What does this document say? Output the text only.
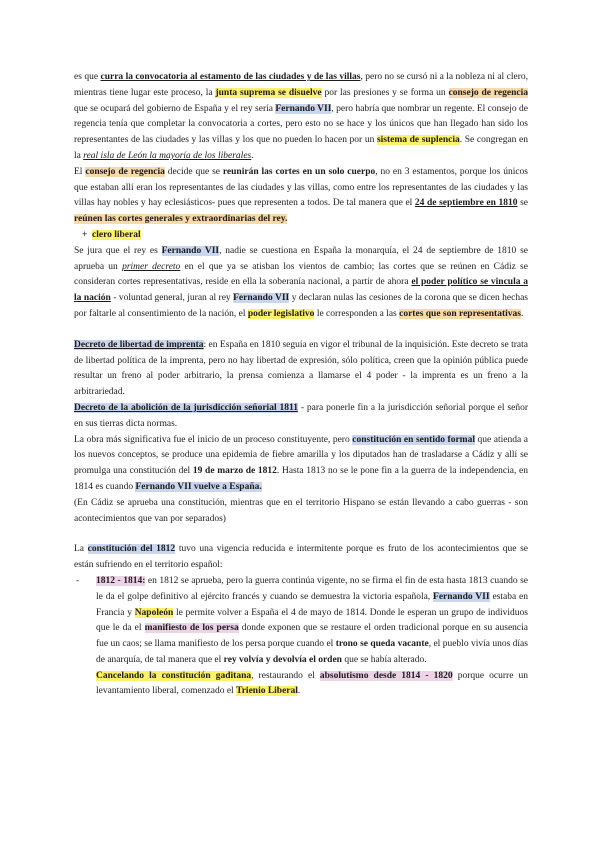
es que curra la convocatoria al estamento de las ciudades y de las villas, pero no se cursó ni a la nobleza ni al clero, mientras tiene lugar este proceso, la junta suprema se disuelve por las presiones y se forma un consejo de regencia que se ocupará del gobierno de España y el rey sería Fernando VII, pero habría que nombrar un regente. El consejo de regencia tenía que completar la convocatoria a cortes, pero esto no se hace y los únicos que han llegado han sido los representantes de las ciudades y las villas y los que no pueden lo hacen por un sistema de suplencia. Se congregan en la real isla de León la mayoría de los liberales.

El consejo de regencia decide que se reunirán las cortes en un solo cuerpo, no en 3 estamentos, porque los únicos que estaban allí eran los representantes de las ciudades y las villas, como entre los representantes de las ciudades y las villas hay nobles y hay eclesiásticos- pues que representen a todos. De tal manera que el 24 de septiembre en 1810 se reúnen las cortes generales y extraordinarias del rey.

+ clero liberal

Se jura que el rey es Fernando VII, nadie se cuestiona en España la monarquía, el 24 de septiembre de 1810 se aprueba un primer decreto en el que ya se atisban los vientos de cambio; las cortes que se reúnen en Cádiz se consideran cortes representativas, reside en ella la soberanía nacional, a partir de ahora el poder político se vincula a la nación - voluntad general, juran al rey Fernando VII y declaran nulas las cesiones de la corona que se dicen hechas por faltarle al consentimiento de la nación, el poder legislativo le corresponden a las cortes que son representativas.

Decreto de libertad de imprenta: en España en 1810 seguía en vigor el tribunal de la inquisición. Este decreto se trata de libertad política de la imprenta, pero no hay libertad de expresión, sólo política, creen que la opinión pública puede resultar un freno al poder arbitrario, la prensa comienza a llamarse el 4 poder - la imprenta es un freno a la arbitrariedad.

Decreto de la abolición de la jurisdicción señorial 1811 - para ponerle fin a la jurisdicción señorial porque el señor en sus tierras dicta normas.

La obra más significativa fue el inicio de un proceso constituyente, pero constitución en sentido formal que atienda a los nuevos conceptos, se produce una epidemia de fiebre amarilla y los diputados han de trasladarse a Cádiz y allí se promulga una constitución del 19 de marzo de 1812. Hasta 1813 no se le pone fin a la guerra de la independencia, en 1814 es cuando Fernando VII vuelve a España.

(En Cádiz se aprueba una constitución, mientras que en el territorio Hispano se están llevando a cabo guerras - son acontecimientos que van por separados)

La constitución del 1812 tuvo una vigencia reducida e intermitente porque es fruto de los acontecimientos que se están sufriendo en el territorio español:

- 1812 - 1814: en 1812 se aprueba, pero la guerra continúa vigente, no se firma el fin de esta hasta 1813 cuando se le da el golpe definitivo al ejército francés y cuando se demuestra la victoria española, Fernando VII estaba en Francia y Napoleón le permite volver a España el 4 de mayo de 1814. Donde le esperan un grupo de individuos que le da el manifiesto de los persa donde exponen que se restaure el orden tradicional porque en su ausencia fue un caos; se llama manifiesto de los persa porque cuando el trono se queda vacante, el pueblo vivía unos días de anarquía, de tal manera que el rey volvía y devolvía el orden que se había alterado.

Cancelando la constitución gaditana, restaurando el absolutismo desde 1814 - 1820 porque ocurre un levantamiento liberal, comenzado el Trienio Liberal.
